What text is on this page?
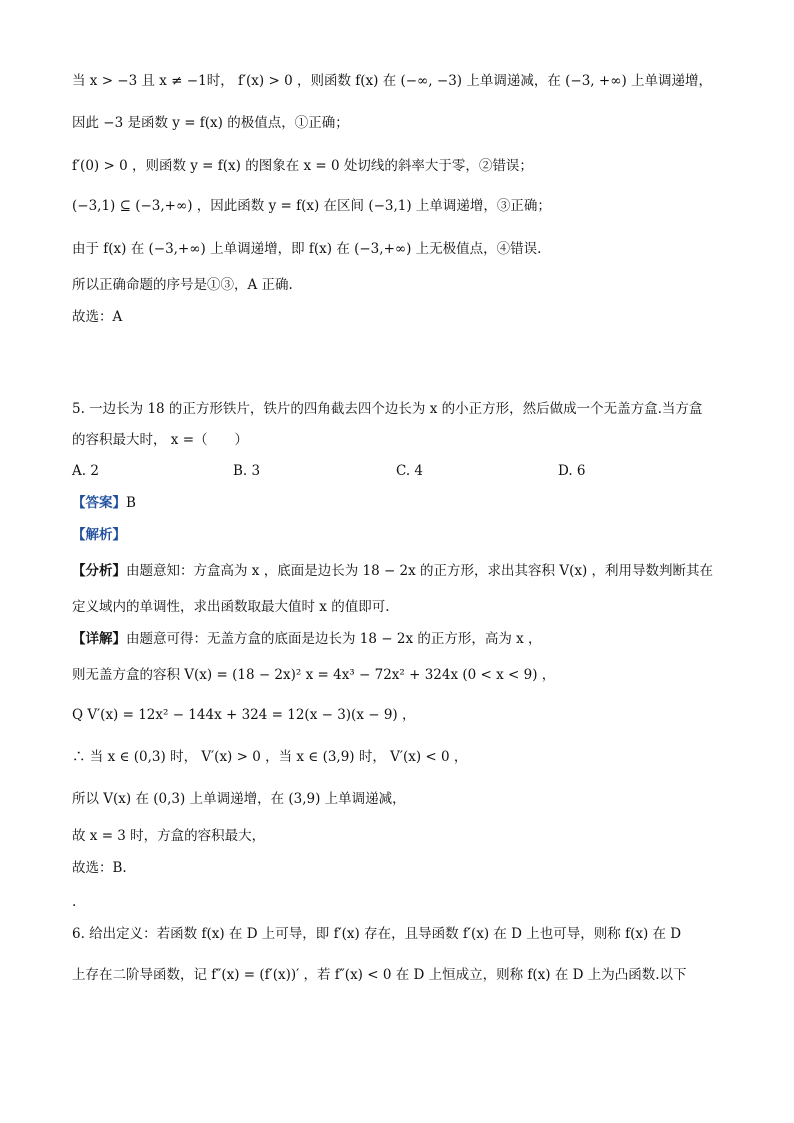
当 x > −3 且 x ≠ −1时， f′(x) > 0 ，则函数 f(x) 在 (−∞, −3) 上单调递减，在 (−3, +∞) 上单调递增，
因此 −3 是函数 y = f(x) 的极值点，①正确；
f′(0) > 0 ，则函数 y = f(x) 的图象在 x = 0 处切线的斜率大于零，②错误；
(−3,1) ⊆ (−3,+∞) ，因此函数 y = f(x) 在区间 (−3,1) 上单调递增，③正确；
由于 f(x) 在 (−3,+∞) 上单调递增，即 f(x) 在 (−3,+∞) 上无极值点，④错误.
所以正确命题的序号是①③，A 正确.
故选：A
5. 一边长为 18 的正方形铁片，铁片的四角截去四个边长为 x 的小正方形，然后做成一个无盖方盒.当方盒
的容积最大时， x =（　　）
A. 2	B. 3	C. 4	D. 6
【答案】B
【解析】
【分析】由题意知：方盒高为 x ，底面是边长为 18 − 2x 的正方形，求出其容积 V(x) ，利用导数判断其在
定义域内的单调性，求出函数取最大值时 x 的值即可.
【详解】由题意可得：无盖方盒的底面是边长为 18 − 2x 的正方形，高为 x ，
则无盖方盒的容积 V(x) = (18 − 2x)² x = 4x³ − 72x² + 324x (0 < x < 9) ，
Q V′(x) = 12x² − 144x + 324 = 12(x − 3)(x − 9) ，
∴ 当 x ∈ (0,3) 时， V′(x) > 0 ，当 x ∈ (3,9) 时， V′(x) < 0 ，
所以 V(x) 在 (0,3) 上单调递增，在 (3,9) 上单调递减，
故 x = 3 时，方盒的容积最大，
故选：B.
.
6. 给出定义：若函数 f(x) 在 D 上可导，即 f′(x) 存在，且导函数 f′(x) 在 D 上也可导，则称 f(x) 在 D
上存在二阶导函数，记 f″(x) = (f′(x))′ ，若 f″(x) < 0 在 D 上恒成立，则称 f(x) 在 D 上为凸函数.以下
